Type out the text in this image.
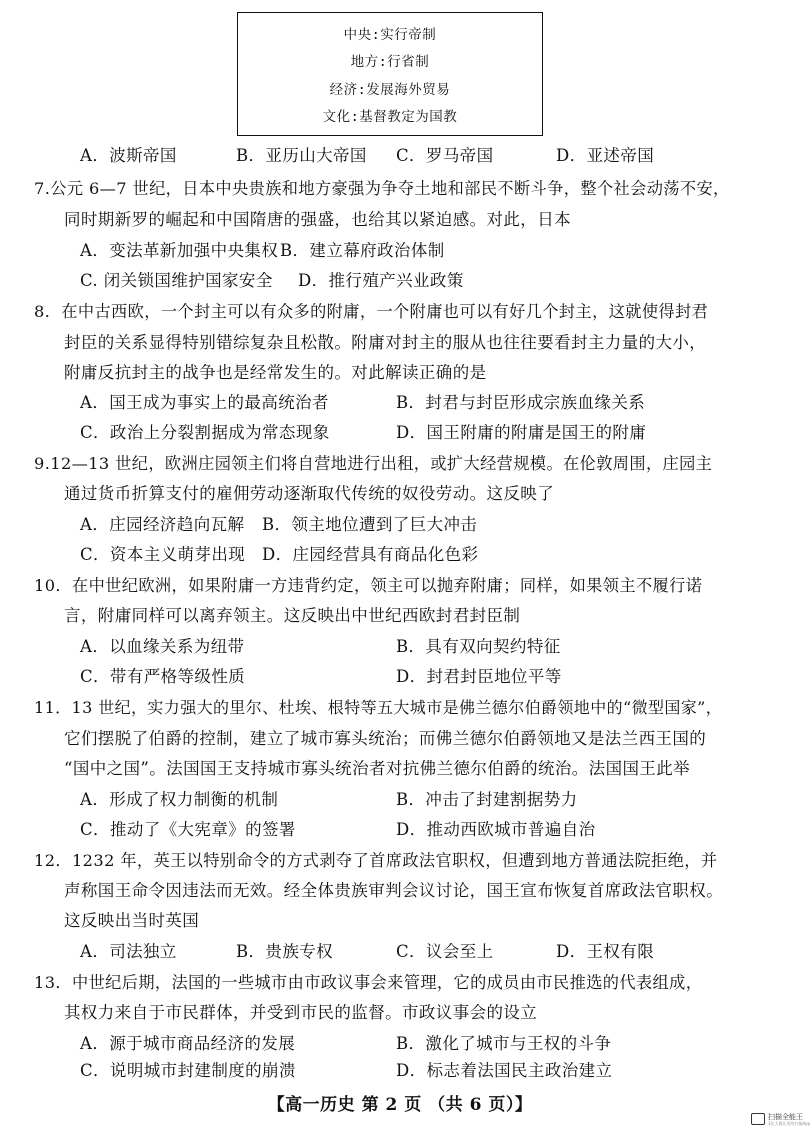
中央:实行帝制
地方:行省制
经济:发展海外贸易
文化:基督教定为国教
A．波斯帝国	B．亚历山大帝国 C．罗马帝国	D．亚述帝国
7.公元 6—7 世纪，日本中央贵族和地方豪强为争夺土地和部民不断斗争，整个社会动荡不安，
同时期新罗的崛起和中国隋唐的强盛，也给其以紧迫感。对此，日本
A．变法革新加强中央集权 B．建立幕府政治体制
C. 闭关锁国维护国家安全 D．推行殖产兴业政策
8．在中古西欧，一个封主可以有众多的附庸，一个附庸也可以有好几个封主，这就使得封君
封臣的关系显得特别错综复杂且松散。附庸对封主的服从也往往要看封主力量的大小，
附庸反抗封主的战争也是经常发生的。对此解读正确的是
A．国王成为事实上的最高统治者	B．封君与封臣形成宗族血缘关系
C．政治上分裂割据成为常态现象	D．国王附庸的附庸是国王的附庸
9.12—13 世纪，欧洲庄园领主们将自营地进行出租，或扩大经营规模。在伦敦周围，庄园主
通过货币折算支付的雇佣劳动逐渐取代传统的奴役劳动。这反映了
A．庄园经济趋向瓦解 B．领主地位遭到了巨大冲击
C．资本主义萌芽出现 D．庄园经营具有商品化色彩
10．在中世纪欧洲，如果附庸一方违背约定，领主可以抛弃附庸；同样，如果领主不履行诺
言，附庸同样可以离弃领主。这反映出中世纪西欧封君封臣制
A．以血缘关系为纽带	B．具有双向契约特征
C．带有严格等级性质	D．封君封臣地位平等
11．13 世纪，实力强大的里尔、杜埃、根特等五大城市是佛兰德尔伯爵领地中的“微型国家”，
它们摆脱了伯爵的控制，建立了城市寡头统治；而佛兰德尔伯爵领地又是法兰西王国的
“国中之国”。法国国王支持城市寡头统治者对抗佛兰德尔伯爵的统治。法国国王此举
A．形成了权力制衡的机制	B．冲击了封建割据势力
C．推动了《大宪章》的签署	D．推动西欧城市普遍自治
12．1232 年，英王以特别命令的方式剥夺了首席政法官职权，但遭到地方普通法院拒绝，并
声称国王命令因违法而无效。经全体贵族审判会议讨论，国王宣布恢复首席政法官职权。
这反映出当时英国
A．司法独立	B．贵族专权	C．议会至上	D．王权有限
13．中世纪后期，法国的一些城市由市政议事会来管理，它的成员由市民推选的代表组成，
其权力来自于市民群体，并受到市民的监督。市政议事会的设立
A．源于城市商品经济的发展	B．激化了城市与王权的斗争
C．说明城市封建制度的崩溃	D．标志着法国民主政治建立
【高一历史 第 2 页 （共 6 页）】
扫描全能王
3亿人都在用的扫描App
